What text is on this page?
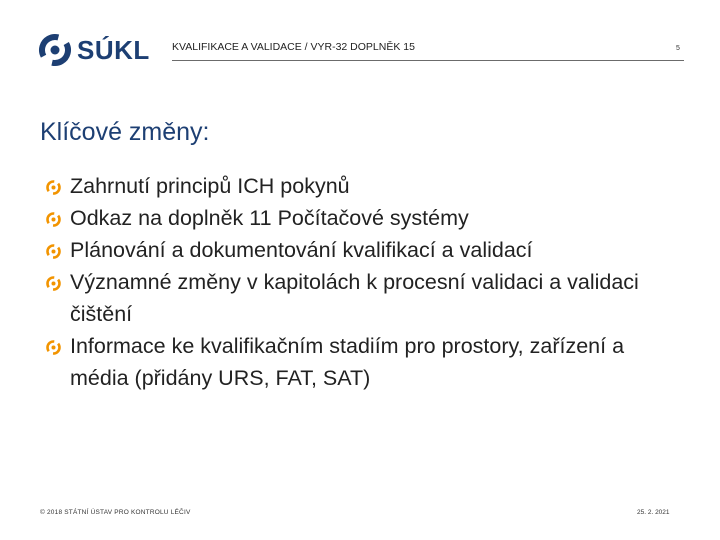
SÚKL KVALIFIKACE A VALIDACE / VYR-32 DOPLNĚK 15	5
Klíčové změny:
Zahrnutí principů ICH pokynů
Odkaz na doplněk 11 Počítačové systémy
Plánování a dokumentování kvalifikací a validací
Významné změny v kapitolách k procesní validaci a validaci čištění
Informace ke kvalifikačním stadiím pro prostory, zařízení a média (přidány URS, FAT, SAT)
© 2018 STÁTNÍ ÚSTAV PRO KONTROLU LÉČIV	25. 2. 2021
